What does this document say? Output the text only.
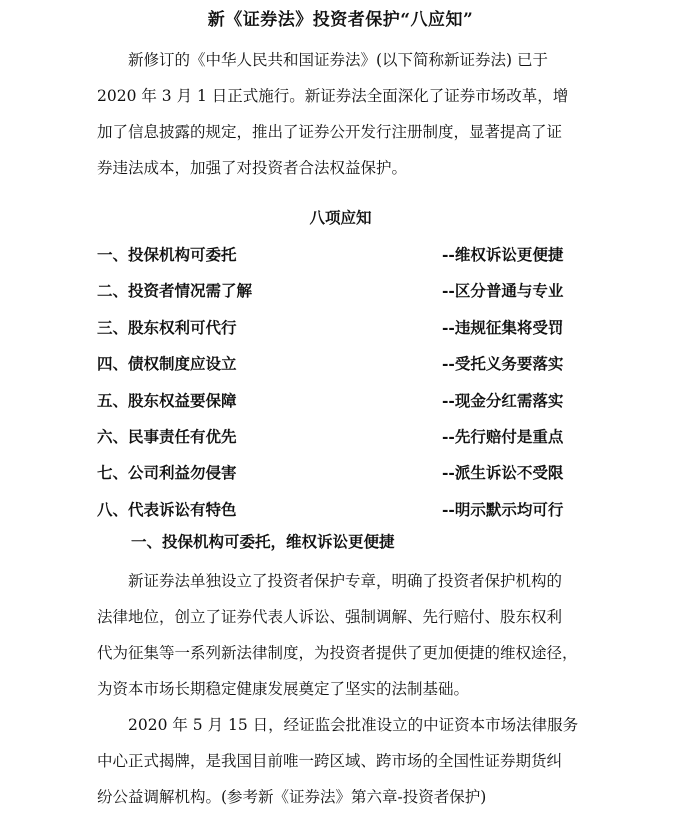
新《证券法》投资者保护“八应知”
新修订的《中华人民共和国证券法》(以下简称新证券法) 已于
2020 年 3 月 1 日正式施行。新证券法全面深化了证券市场改革，增
加了信息披露的规定，推出了证券公开发行注册制度，显著提高了证
券违法成本，加强了对投资者合法权益保护。
八项应知
一、投保机构可委托	--维权诉讼更便捷
二、投资者情况需了解	--区分普通与专业
三、股东权利可代行	--违规征集将受罚
四、债权制度应设立	--受托义务要落实
五、股东权益要保障	--现金分红需落实
六、民事责任有优先	--先行赔付是重点
七、公司利益勿侵害	--派生诉讼不受限
八、代表诉讼有特色	--明示默示均可行
一、投保机构可委托，维权诉讼更便捷
新证券法单独设立了投资者保护专章，明确了投资者保护机构的
法律地位，创立了证券代表人诉讼、强制调解、先行赔付、股东权利
代为征集等一系列新法律制度，为投资者提供了更加便捷的维权途径，
为资本市场长期稳定健康发展奠定了坚实的法制基础。
2020 年 5 月 15 日，经证监会批准设立的中证资本市场法律服务
中心正式揭牌，是我国目前唯一跨区域、跨市场的全国性证券期货纠
纷公益调解机构。(参考新《证券法》第六章-投资者保护)
